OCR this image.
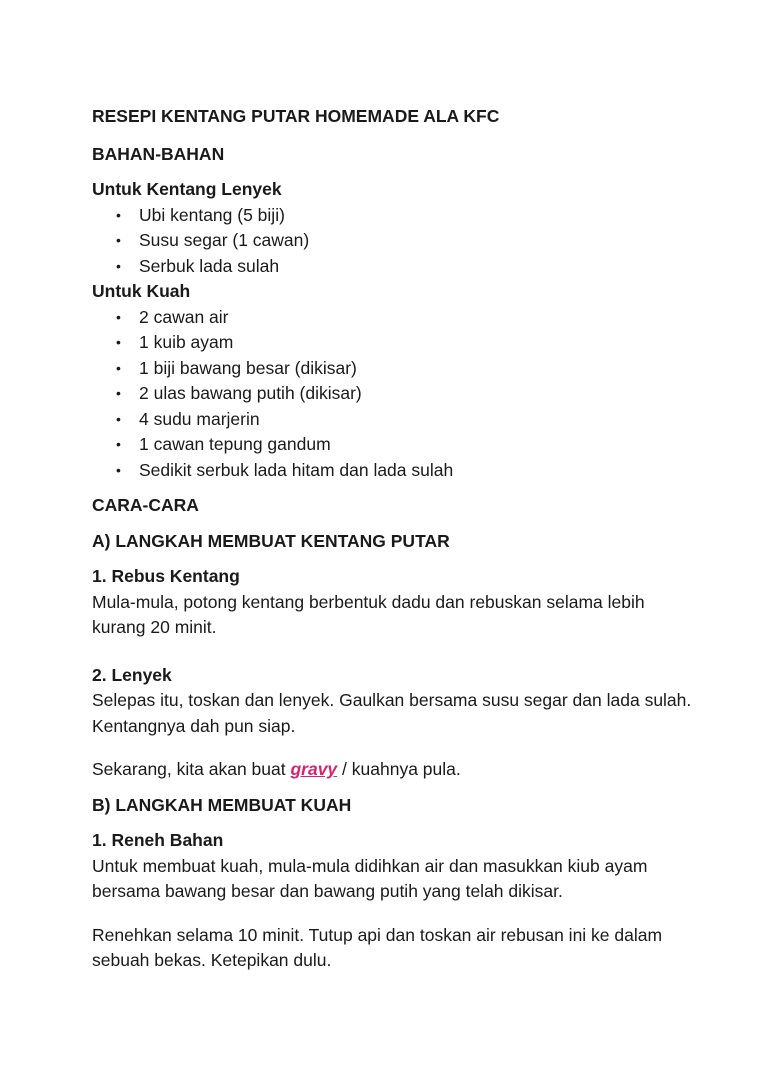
RESEPI KENTANG PUTAR HOMEMADE ALA KFC

BAHAN-BAHAN

Untuk Kentang Lenyek

• Ubi kentang (5 biji)
• Susu segar (1 cawan)
• Serbuk lada sulah

Untuk Kuah

• 2 cawan air
• 1 kuib ayam
• 1 biji bawang besar (dikisar)
• 2 ulas bawang putih (dikisar)
• 4 sudu marjerin
• 1 cawan tepung gandum
• Sedikit serbuk lada hitam dan lada sulah

CARA-CARA

A) LANGKAH MEMBUAT KENTANG PUTAR

1. Rebus Kentang

Mula-mula, potong kentang berbentuk dadu dan rebuskan selama lebih kurang 20 minit.

2. Lenyek

Selepas itu, toskan dan lenyek. Gaulkan bersama susu segar dan lada sulah. Kentangnya dah pun siap.

Sekarang, kita akan buat gravy / kuahnya pula.

B) LANGKAH MEMBUAT KUAH

1. Reneh Bahan

Untuk membuat kuah, mula-mula didihkan air dan masukkan kiub ayam bersama bawang besar dan bawang putih yang telah dikisar.

Renehkan selama 10 minit. Tutup api dan toskan air rebusan ini ke dalam sebuah bekas. Ketepikan dulu.
